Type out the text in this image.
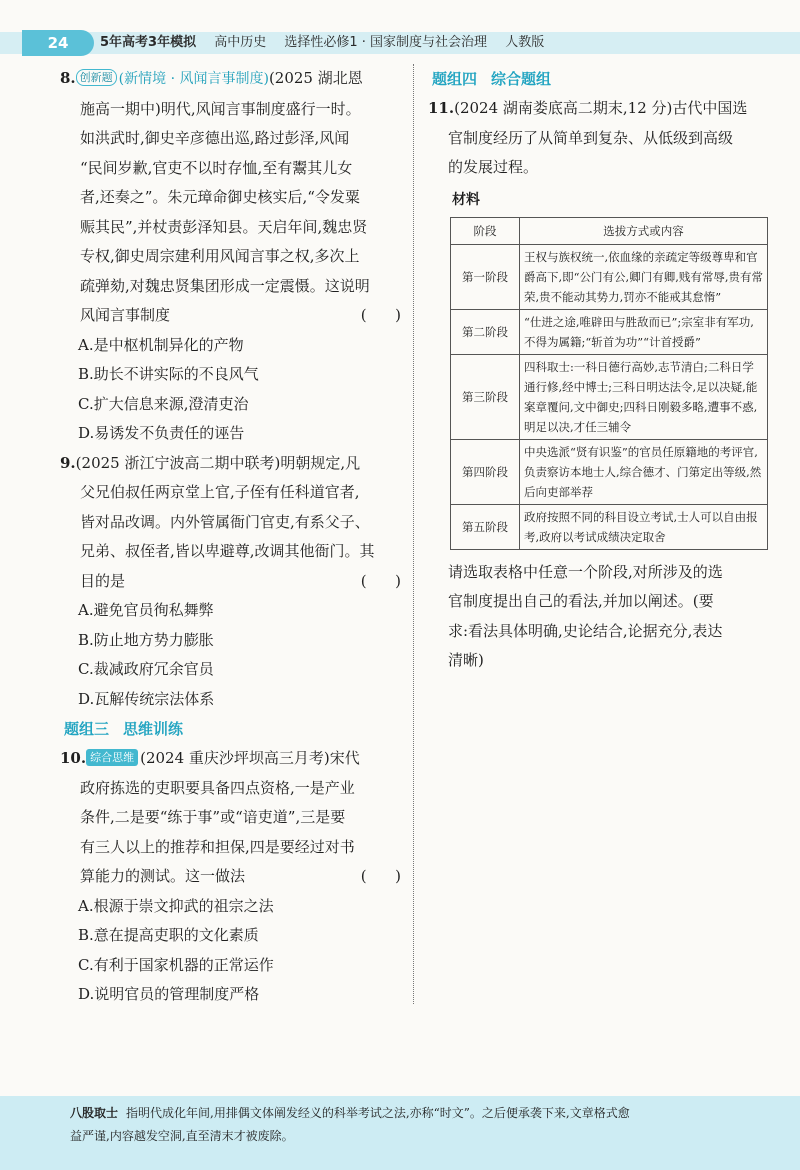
24	5年高考3年模拟 高中历史 选择性必修1 · 国家制度与社会治理 人教版
8. 创新题 (新情境 · 风闻言事制度)(2025 湖北恩
施高一期中)明代,风闻言事制度盛行一时。
如洪武时,御史辛彦德出巡,路过彭泽,风闻
“民间岁歉,官吏不以时存恤,至有鬻其儿女
者,还奏之”。朱元璋命御史核实后,“令发粟
赈其民”,并杖责彭泽知县。天启年间,魏忠贤
专权,御史周宗建利用风闻言事之权,多次上
疏弹劾,对魏忠贤集团形成一定震慑。这说明
风闻言事制度	(      )
A.是中枢机制异化的产物
B.助长不讲实际的不良风气
C.扩大信息来源,澄清吏治
D.易诱发不负责任的诬告
9.(2025 浙江宁波高二期中联考)明朝规定,凡
父兄伯叔任两京堂上官,子侄有任科道官者,
皆对品改调。内外管属衙门官吏,有系父子、
兄弟、叔侄者,皆以卑避尊,改调其他衙门。其
目的是	(      )
A.避免官员徇私舞弊
B.防止地方势力膨胀
C.裁减政府冗余官员
D.瓦解传统宗法体系
题组三 思维训练
10. 综合思维 (2024 重庆沙坪坝高三月考)宋代
政府拣选的吏职要具备四点资格,一是产业
条件,二是要“练于事”或“谙吏道”,三是要
有三人以上的推荐和担保,四是要经过对书
算能力的测试。这一做法	(      )
A.根源于崇文抑武的祖宗之法
B.意在提高吏职的文化素质
C.有利于国家机器的正常运作
D.说明官员的管理制度严格
题组四 综合题组
11.(2024 湖南娄底高二期末,12 分)古代中国选
官制度经历了从简单到复杂、从低级到高级
的发展过程。
材料
阶段	选拔方式或内容
第一阶段	王权与族权统一,依血缘的亲疏定等级尊卑和官爵高下,即“公门有公,卿门有卿,贱有常辱,贵有常荣,贵不能动其势力,罚亦不能戒其怠惰”
第二阶段	“仕进之途,唯辟田与胜敌而已”;宗室非有军功,不得为属籍;“斩首为功”“计首授爵”
第三阶段	四科取士:一科日德行高妙,志节清白;二科日学通行修,经中博士;三科日明达法令,足以决疑,能案章覆问,文中御史;四科日刚毅多略,遭事不惑,明足以决,才任三辅令
第四阶段	中央选派“贤有识鉴”的官员任原籍地的考评官,负责察访本地士人,综合德才、门第定出等级,然后向吏部举荐
第五阶段	政府按照不同的科目设立考试,士人可以自由报考,政府以考试成绩决定取舍
请选取表格中任意一个阶段,对所涉及的选
官制度提出自己的看法,并加以阐述。(要
求:看法具体明确,史论结合,论据充分,表达
清晰)
八股取士 指明代成化年间,用排偶文体阐发经义的科举考试之法,亦称“时文”。之后便承袭下来,文章格式愈
益严谨,内容越发空洞,直至清末才被废除。
